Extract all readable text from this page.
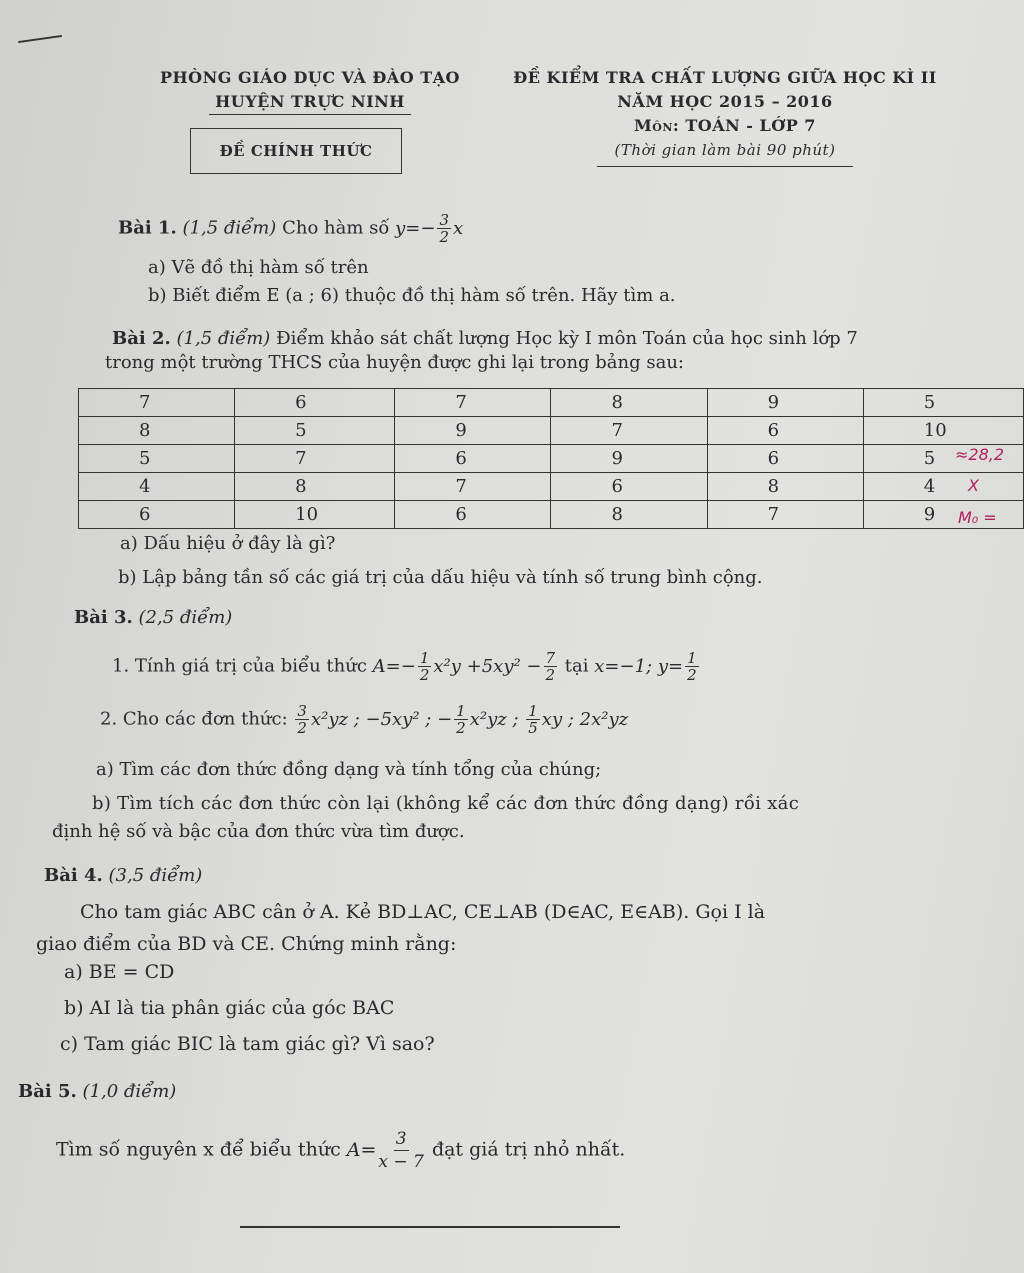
PHÒNG GIÁO DỤC VÀ ĐÀO TẠO
HUYỆN TRỰC NINH
ĐỀ CHÍNH THỨC
ĐỀ KIỂM TRA CHẤT LƯỢNG GIỮA HỌC KÌ II
NĂM HỌC 2015 – 2016
Môn: TOÁN - LỚP 7
(Thời gian làm bài 90 phút)
Bài 1. (1,5 điểm) Cho hàm số $y=- \frac{3}{2}$ x
a) Vẽ đồ thị hàm số trên
b) Biết điểm E (a ; 6) thuộc đồ thị hàm số trên. Hãy tìm a.
Bài 2. (1,5 điểm) Điểm khảo sát chất lượng Học kỳ I môn Toán của học sinh lớp 7
trong một trường THCS của huyện được ghi lại trong bảng sau:
7	6	7	8	9	5
8	5	9	7	6	10
5	7	6	9	6	5
4	8	7	6	8	4
6	10	6	8	7	9
≈28,2
X
M₀ =
a) Dấu hiệu ở đây là gì?
b) Lập bảng tần số các giá trị của dấu hiệu và tính số trung bình cộng.
Bài 3. (2,5 điểm)
1. Tính giá trị của biểu thức $A=- \frac{1}{2} x^2y +5xy^2 - \frac{7}{2}$ tại x=−1; $y= \frac{1}{2}$
2. Cho các đơn thức: $\frac{3}{2} x^2yz$ ; −5xy² ; − $\frac{1}{2} x^2yz$ ; $\frac{1}{5}$ xy ; 2x²yz
a) Tìm các đơn thức đồng dạng và tính tổng của chúng;
b) Tìm tích các đơn thức còn lại (không kể các đơn thức đồng dạng) rồi xác
định hệ số và bậc của đơn thức vừa tìm được.
Bài 4. (3,5 điểm)
Cho tam giác ABC cân ở A. Kẻ BD⊥AC, CE⊥AB (D∈AC, E∈AB). Gọi I là
giao điểm của BD và CE. Chứng minh rằng:
a) BE = CD
b) AI là tia phân giác của góc BAC
c) Tam giác BIC là tam giác gì? Vì sao?
Bài 5. (1,0 điểm)
Tìm số nguyên x để biểu thức $A= \frac{3}{x - 7}$ đạt giá trị nhỏ nhất.
